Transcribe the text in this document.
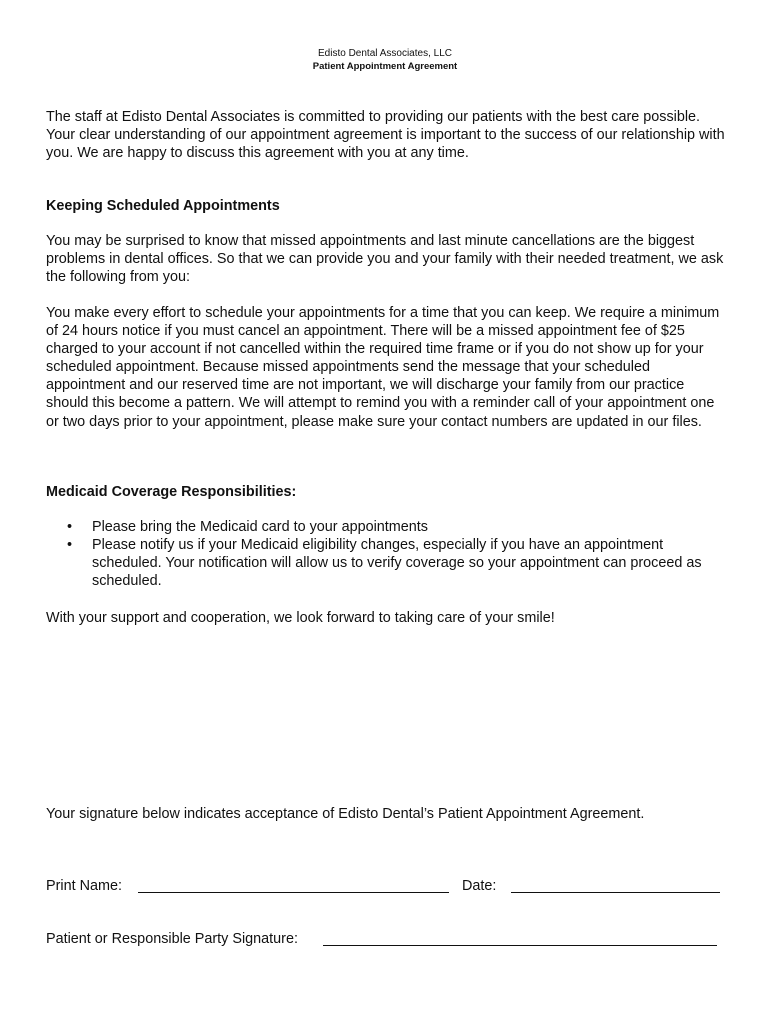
Edisto Dental Associates, LLC
Patient Appointment Agreement

The staff at Edisto Dental Associates is committed to providing our patients with the best care possible. Your clear understanding of our appointment agreement is important to the success of our relationship with you. We are happy to discuss this agreement with you at any time.

Keeping Scheduled Appointments

You may be surprised to know that missed appointments and last minute cancellations are the biggest problems in dental offices. So that we can provide you and your family with their needed treatment, we ask the following from you:

You make every effort to schedule your appointments for a time that you can keep. We require a minimum of 24 hours notice if you must cancel an appointment. There will be a missed appointment fee of $25 charged to your account if not cancelled within the required time frame or if you do not show up for your scheduled appointment. Because missed appointments send the message that your scheduled appointment and our reserved time are not important, we will discharge your family from our practice should this become a pattern. We will attempt to remind you with a reminder call of your appointment one or two days prior to your appointment, please make sure your contact numbers are updated in our files.

Medicaid Coverage Responsibilities:
• Please bring the Medicaid card to your appointments
• Please notify us if your Medicaid eligibility changes, especially if you have an appointment scheduled. Your notification will allow us to verify coverage so your appointment can proceed as scheduled.

With your support and cooperation, we look forward to taking care of your smile!

Your signature below indicates acceptance of Edisto Dental’s Patient Appointment Agreement.

Print Name:	Date:
Patient or Responsible Party Signature:
